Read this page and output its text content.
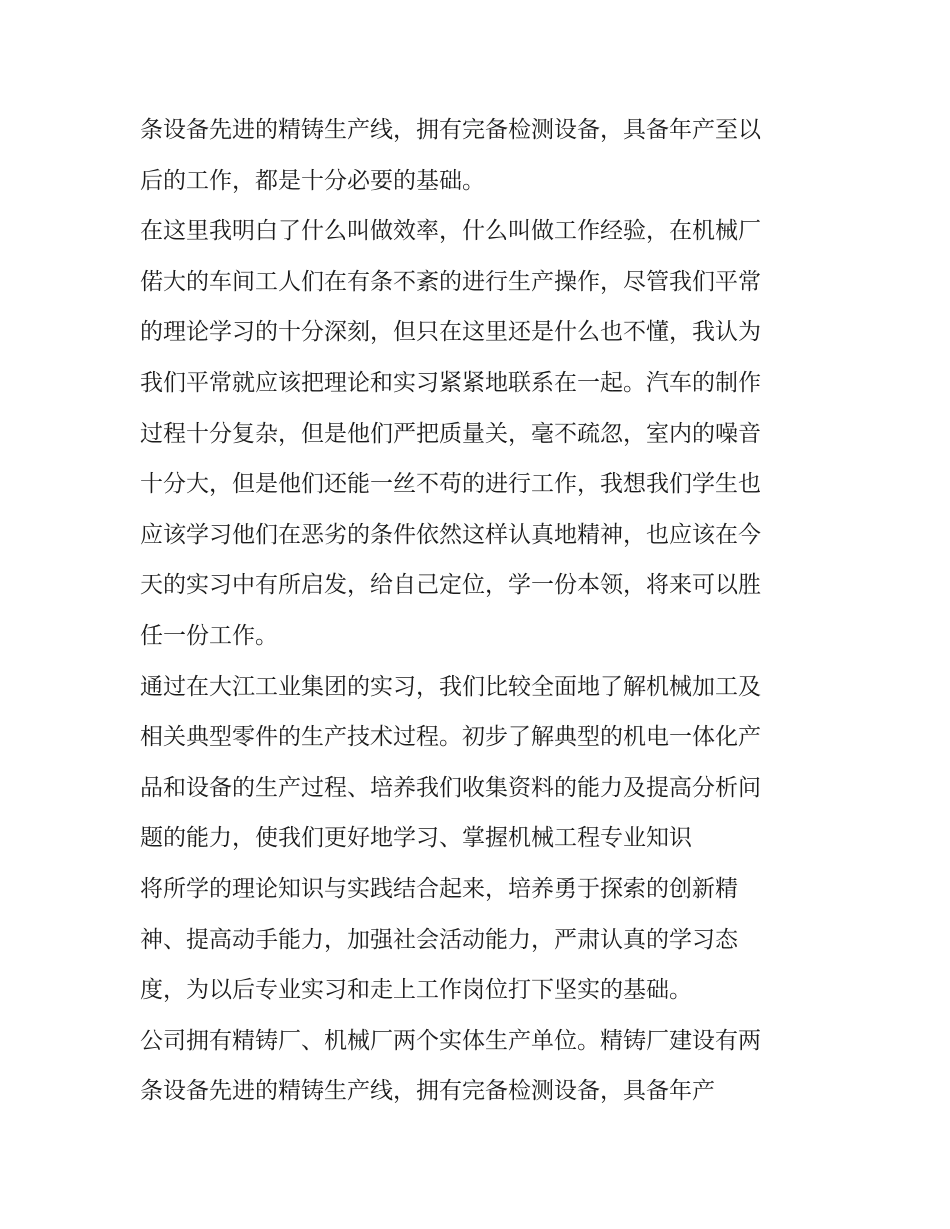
条设备先进的精铸生产线，拥有完备检测设备，具备年产至以
后的工作，都是十分必要的基础。
在这里我明白了什么叫做效率，什么叫做工作经验，在机械厂
偌大的车间工人们在有条不紊的进行生产操作，尽管我们平常
的理论学习的十分深刻，但只在这里还是什么也不懂，我认为
我们平常就应该把理论和实习紧紧地联系在一起。汽车的制作
过程十分复杂，但是他们严把质量关，毫不疏忽，室内的噪音
十分大，但是他们还能一丝不苟的进行工作，我想我们学生也
应该学习他们在恶劣的条件依然这样认真地精神，也应该在今
天的实习中有所启发，给自己定位，学一份本领，将来可以胜
任一份工作。
通过在大江工业集团的实习，我们比较全面地了解机械加工及
相关典型零件的生产技术过程。初步了解典型的机电一体化产
品和设备的生产过程、培养我们收集资料的能力及提高分析问
题的能力，使我们更好地学习、掌握机械工程专业知识
将所学的理论知识与实践结合起来，培养勇于探索的创新精
神、提高动手能力，加强社会活动能力，严肃认真的学习态
度，为以后专业实习和走上工作岗位打下坚实的基础。
公司拥有精铸厂、机械厂两个实体生产单位。精铸厂建设有两
条设备先进的精铸生产线，拥有完备检测设备，具备年产
